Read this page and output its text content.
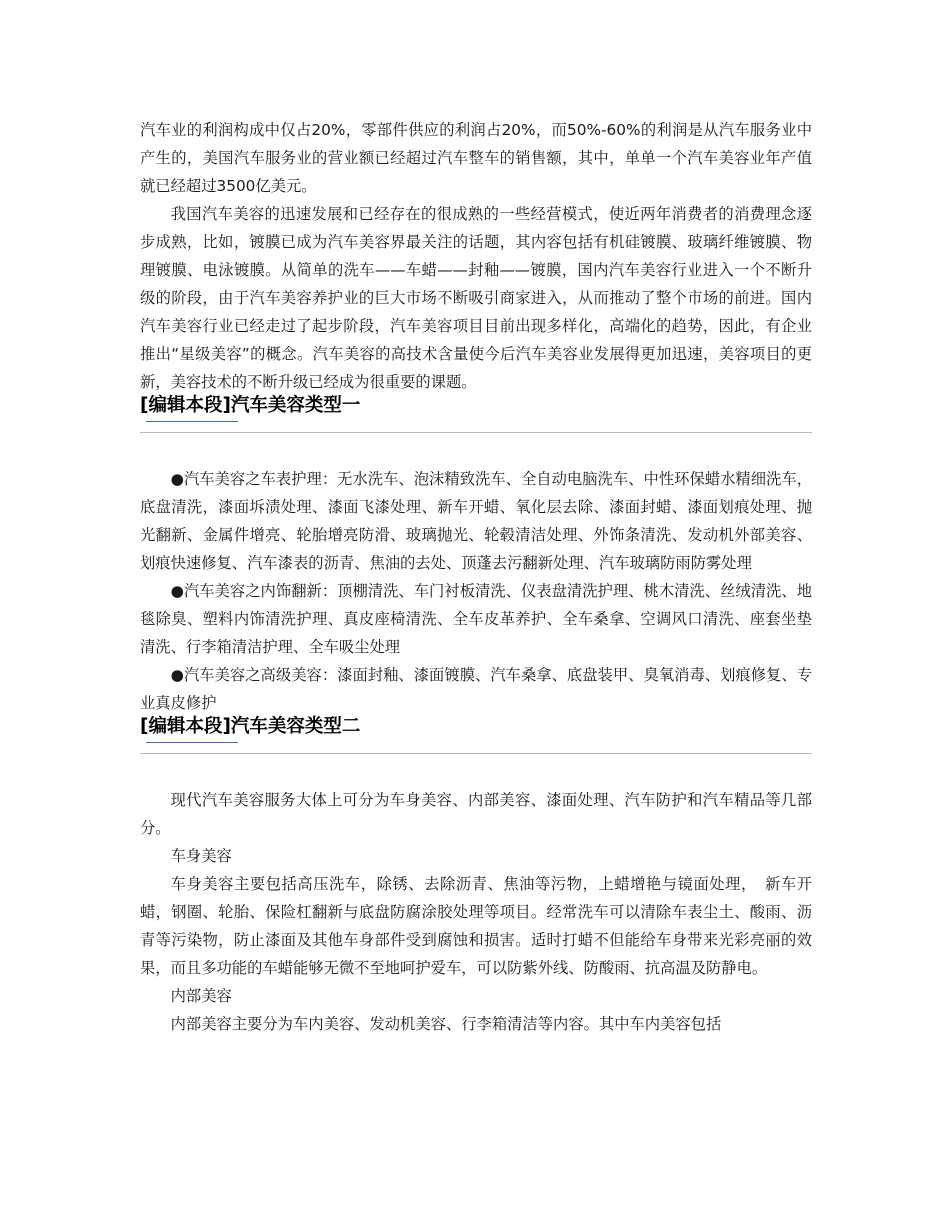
汽车业的利润构成中仅占20%，零部件供应的利润占20%，而50%-60%的利润是从汽车服务业中产生的，美国汽车服务业的营业额已经超过汽车整车的销售额，其中，单单一个汽车美容业年产值就已经超过3500亿美元。

我国汽车美容的迅速发展和已经存在的很成熟的一些经营模式，使近两年消费者的消费理念逐步成熟，比如，镀膜已成为汽车美容界最关注的话题，其内容包括有机硅镀膜、玻璃纤维镀膜、物理镀膜、电泳镀膜。从简单的洗车——车蜡——封釉——镀膜，国内汽车美容行业进入一个不断升级的阶段，由于汽车美容养护业的巨大市场不断吸引商家进入，从而推动了整个市场的前进。国内汽车美容行业已经走过了起步阶段，汽车美容项目目前出现多样化，高端化的趋势，因此，有企业推出“星级美容”的概念。汽车美容的高技术含量使今后汽车美容业发展得更加迅速，美容项目的更新，美容技术的不断升级已经成为很重要的课题。

[编辑本段]汽车美容类型一

●汽车美容之车表护理：无水洗车、泡沫精致洗车、全自动电脑洗车、中性环保蜡水精细洗车，底盘清洗，漆面坼渍处理、漆面飞漆处理、新车开蜡、氧化层去除、漆面封蜡、漆面划痕处理、抛光翻新、金属件增亮、轮胎增亮防滑、玻璃抛光、轮毂清洁处理、外饰条清洗、发动机外部美容、划痕快速修复、汽车漆表的沥青、焦油的去处、顶蓬去污翻新处理、汽车玻璃防雨防雾处理

●汽车美容之内饰翻新：顶棚清洗、车门衬板清洗、仪表盘清洗护理、桃木清洗、丝绒清洗、地毯除臭、塑料内饰清洗护理、真皮座椅清洗、全车皮革养护、全车桑拿、空调风口清洗、座套坐垫清洗、行李箱清洁护理、全车吸尘处理

●汽车美容之高级美容：漆面封釉、漆面镀膜、汽车桑拿、底盘装甲、臭氧消毒、划痕修复、专业真皮修护

[编辑本段]汽车美容类型二

现代汽车美容服务大体上可分为车身美容、内部美容、漆面处理、汽车防护和汽车精品等几部分。

车身美容

车身美容主要包括高压洗车，除锈、去除沥青、焦油等污物，上蜡增艳与镜面处理，　新车开蜡，钢圈、轮胎、保险杠翻新与底盘防腐涂胶处理等项目。经常洗车可以清除车表尘土、酸雨、沥青等污染物，防止漆面及其他车身部件受到腐蚀和损害。适时打蜡不但能给车身带来光彩亮丽的效果，而且多功能的车蜡能够无微不至地呵护爱车，可以防紫外线、防酸雨、抗高温及防静电。

内部美容

内部美容主要分为车内美容、发动机美容、行李箱清洁等内容。其中车内美容包括
